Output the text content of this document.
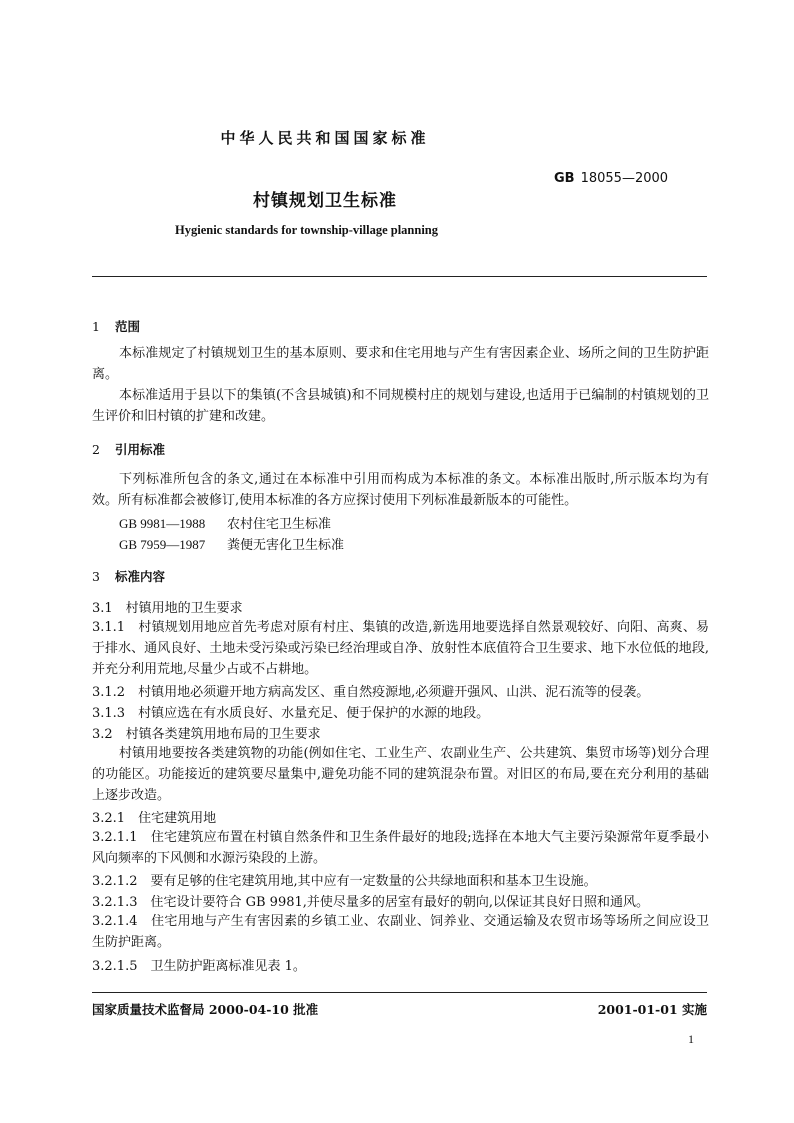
中华人民共和国国家标准
GB 18055—2000
村镇规划卫生标准
Hygienic standards for township-village planning
1 范围

本标准规定了村镇规划卫生的基本原则、要求和住宅用地与产生有害因素企业、场所之间的卫生防护距离。

本标准适用于县以下的集镇(不含县城镇)和不同规模村庄的规划与建设,也适用于已编制的村镇规划的卫生评价和旧村镇的扩建和改建。

2 引用标准

下列标准所包含的条文,通过在本标准中引用而构成为本标准的条文。本标准出版时,所示版本均为有效。所有标准都会被修订,使用本标准的各方应探讨使用下列标准最新版本的可能性。

GB 9981—1988 农村住宅卫生标准
GB 7959—1987 粪便无害化卫生标准
3 标准内容
3.1　村镇用地的卫生要求

3.1.1　村镇规划用地应首先考虑对原有村庄、集镇的改造,新选用地要选择自然景观较好、向阳、高爽、易于排水、通风良好、土地未受污染或污染已经治理或自净、放射性本底值符合卫生要求、地下水位低的地段,并充分利用荒地,尽量少占或不占耕地。

3.1.2　村镇用地必须避开地方病高发区、重自然疫源地,必须避开强风、山洪、泥石流等的侵袭。
3.1.3　村镇应选在有水质良好、水量充足、便于保护的水源的地段。
3.2　村镇各类建筑用地布局的卫生要求

村镇用地要按各类建筑物的功能(例如住宅、工业生产、农副业生产、公共建筑、集贸市场等)划分合理的功能区。功能接近的建筑要尽量集中,避免功能不同的建筑混杂布置。对旧区的布局,要在充分利用的基础上逐步改造。

3.2.1　住宅建筑用地

3.2.1.1　住宅建筑应布置在村镇自然条件和卫生条件最好的地段;选择在本地大气主要污染源常年夏季最小风向频率的下风侧和水源污染段的上游。

3.2.1.2　要有足够的住宅建筑用地,其中应有一定数量的公共绿地面积和基本卫生设施。
3.2.1.3　住宅设计要符合 GB 9981,并使尽量多的居室有最好的朝向,以保证其良好日照和通风。

3.2.1.4　住宅用地与产生有害因素的乡镇工业、农副业、饲养业、交通运输及农贸市场等场所之间应设卫生防护距离。

3.2.1.5　卫生防护距离标准见表 1。
国家质量技术监督局 2000-04-10 批准	2001-01-01 实施
1
